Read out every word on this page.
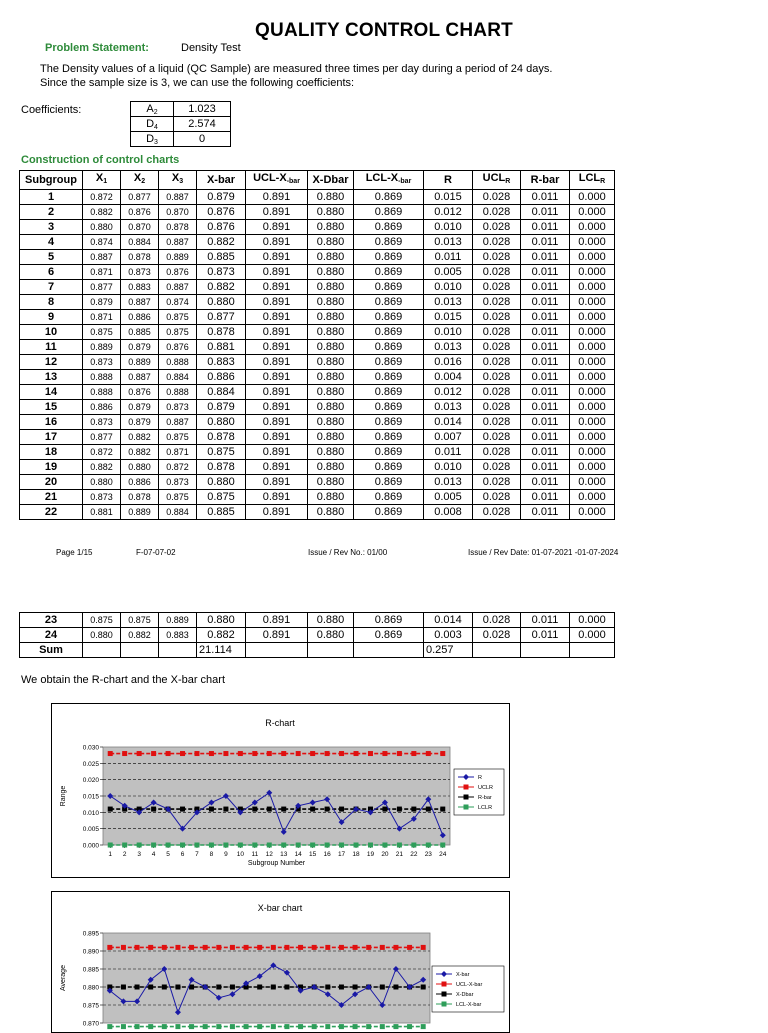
QUALITY CONTROL CHART
Problem Statement:	Density Test
The Density values of a liquid (QC Sample) are measured three times per day during a period of 24 days.
Since the sample size is 3, we can use the following coefficients:
Coefficients:	$A_2$	1.023
$D_4$	2.574
$D_3$	0
Construction of control charts
Subgroup	$X_1$	$X_2$	$X_3$	X-bar	UCL-$X_{-bar}$	X-Dbar	LCL-$X_{-bar}$	R	$UCL_R$	R-bar	$LCL_R$
1	0.872	0.877	0.887	0.879	0.891	0.880	0.869	0.015	0.028	0.011	0.000
2	0.882	0.876	0.870	0.876	0.891	0.880	0.869	0.012	0.028	0.011	0.000
3	0.880	0.870	0.878	0.876	0.891	0.880	0.869	0.010	0.028	0.011	0.000
4	0.874	0.884	0.887	0.882	0.891	0.880	0.869	0.013	0.028	0.011	0.000
5	0.887	0.878	0.889	0.885	0.891	0.880	0.869	0.011	0.028	0.011	0.000
6	0.871	0.873	0.876	0.873	0.891	0.880	0.869	0.005	0.028	0.011	0.000
7	0.877	0.883	0.887	0.882	0.891	0.880	0.869	0.010	0.028	0.011	0.000
8	0.879	0.887	0.874	0.880	0.891	0.880	0.869	0.013	0.028	0.011	0.000
9	0.871	0.886	0.875	0.877	0.891	0.880	0.869	0.015	0.028	0.011	0.000
10	0.875	0.885	0.875	0.878	0.891	0.880	0.869	0.010	0.028	0.011	0.000
11	0.889	0.879	0.876	0.881	0.891	0.880	0.869	0.013	0.028	0.011	0.000
12	0.873	0.889	0.888	0.883	0.891	0.880	0.869	0.016	0.028	0.011	0.000
13	0.888	0.887	0.884	0.886	0.891	0.880	0.869	0.004	0.028	0.011	0.000
14	0.888	0.876	0.888	0.884	0.891	0.880	0.869	0.012	0.028	0.011	0.000
15	0.886	0.879	0.873	0.879	0.891	0.880	0.869	0.013	0.028	0.011	0.000
16	0.873	0.879	0.887	0.880	0.891	0.880	0.869	0.014	0.028	0.011	0.000
17	0.877	0.882	0.875	0.878	0.891	0.880	0.869	0.007	0.028	0.011	0.000
18	0.872	0.882	0.871	0.875	0.891	0.880	0.869	0.011	0.028	0.011	0.000
19	0.882	0.880	0.872	0.878	0.891	0.880	0.869	0.010	0.028	0.011	0.000
20	0.880	0.886	0.873	0.880	0.891	0.880	0.869	0.013	0.028	0.011	0.000
21	0.873	0.878	0.875	0.875	0.891	0.880	0.869	0.005	0.028	0.011	0.000
22	0.881	0.889	0.884	0.885	0.891	0.880	0.869	0.008	0.028	0.011	0.000
Page 1/15	F-07-07-02	Issue / Rev No.: 01/00	Issue / Rev Date: 01-07-2021 -01-07-2024
23	0.875	0.875	0.889	0.880	0.891	0.880	0.869	0.014	0.028	0.011	0.000
24	0.880	0.882	0.883	0.882	0.891	0.880	0.869	0.003	0.028	0.011	0.000
Sum				21.114				0.257			
We obtain the R-chart and the X-bar chart
R-chart
0.000
0.005
0.010
0.015
0.020
0.025
0.030
1 2 3 4 5 6 7 8 9 10 11 12 13 14 15 16 17 18 19 20 21 22 23 24
Subgroup Number
Range
R
UCLR
R-bar
LCLR
X-bar chart
0.870
0.875
0.880
0.885
0.890
0.895
Average	X-bar
UCL-X-bar
X-Dbar
LCL-X-bar
